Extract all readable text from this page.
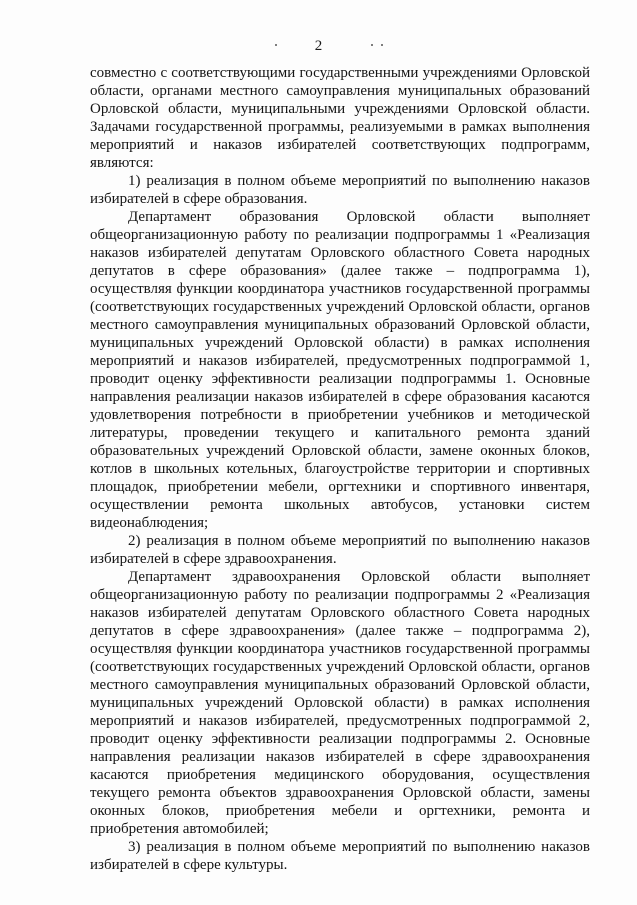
2

совместно с соответствующими государственными учреждениями Орловской области, органами местного самоуправления муниципальных образований Орловской области, муниципальными учреждениями Орловской области. Задачами государственной программы, реализуемыми в рамках выполнения мероприятий и наказов избирателей соответствующих подпрограмм, являются:

1) реализация в полном объеме мероприятий по выполнению наказов избирателей в сфере образования.

Департамент образования Орловской области выполняет общеорганизационную работу по реализации подпрограммы 1 «Реализация наказов избирателей депутатам Орловского областного Совета народных депутатов в сфере образования» (далее также – подпрограмма 1), осуществляя функции координатора участников государственной программы (соответствующих государственных учреждений Орловской области, органов местного самоуправления муниципальных образований Орловской области, муниципальных учреждений Орловской области) в рамках исполнения мероприятий и наказов избирателей, предусмотренных подпрограммой 1, проводит оценку эффективности реализации подпрограммы 1. Основные направления реализации наказов избирателей в сфере образования касаются удовлетворения потребности в приобретении учебников и методической литературы, проведении текущего и капитального ремонта зданий образовательных учреждений Орловской области, замене оконных блоков, котлов в школьных котельных, благоустройстве территории и спортивных площадок, приобретении мебели, оргтехники и спортивного инвентаря, осуществлении ремонта школьных автобусов, установки систем видеонаблюдения;

2) реализация в полном объеме мероприятий по выполнению наказов избирателей в сфере здравоохранения.

Департамент здравоохранения Орловской области выполняет общеорганизационную работу по реализации подпрограммы 2 «Реализация наказов избирателей депутатам Орловского областного Совета народных депутатов в сфере здравоохранения» (далее также – подпрограмма 2), осуществляя функции координатора участников государственной программы (соответствующих государственных учреждений Орловской области, органов местного самоуправления муниципальных образований Орловской области, муниципальных учреждений Орловской области) в рамках исполнения мероприятий и наказов избирателей, предусмотренных подпрограммой 2, проводит оценку эффективности реализации подпрограммы 2. Основные направления реализации наказов избирателей в сфере здравоохранения касаются приобретения медицинского оборудования, осуществления текущего ремонта объектов здравоохранения Орловской области, замены оконных блоков, приобретения мебели и оргтехники, ремонта и приобретения автомобилей;

3) реализация в полном объеме мероприятий по выполнению наказов избирателей в сфере культуры.
